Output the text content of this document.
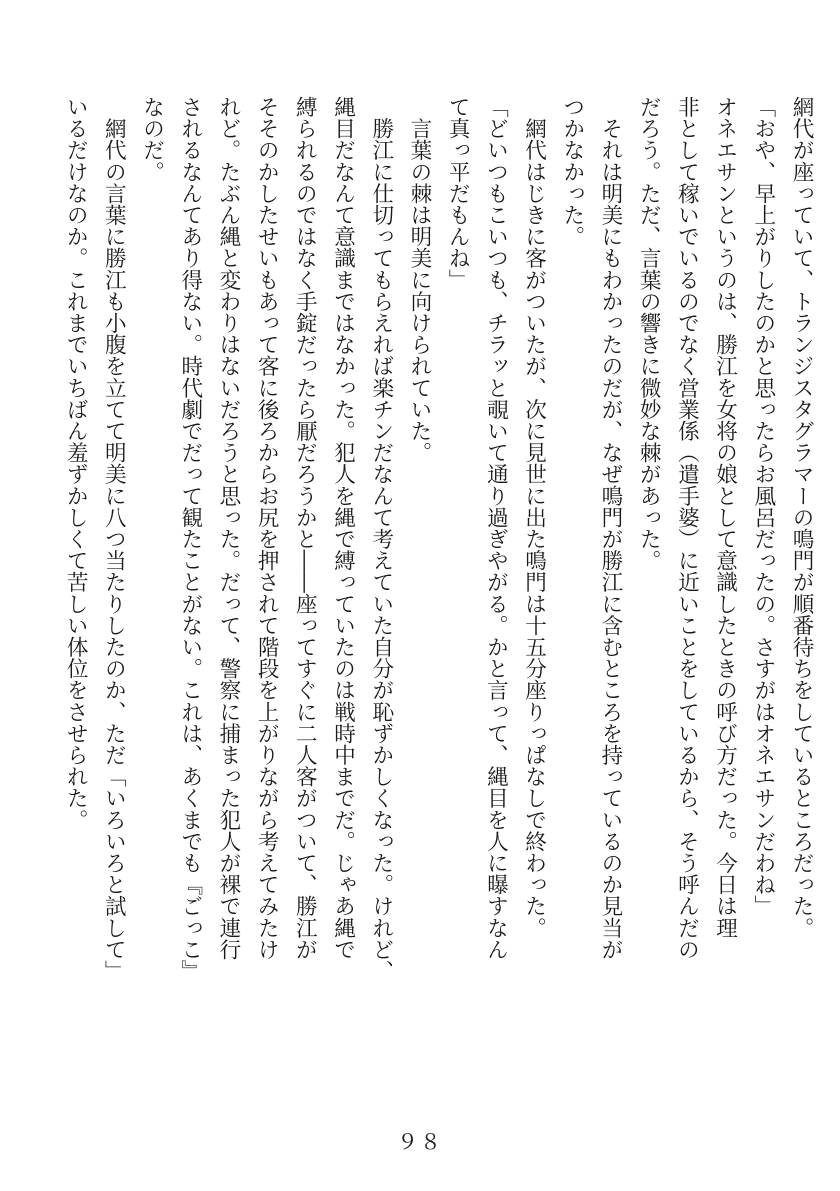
網代が座っていて、トランジスタグラマーの鳴門が順番待ちをしているところだった。
「おや、早上がりしたのかと思ったらお風呂だったの。さすがはオネエサンだわね」
オネエサンというのは、勝江を女将の娘として意識したときの呼び方だった。今日は理
非として稼いでいるのでなく営業係（遣手婆）に近いことをしているから、そう呼んだの
だろう。ただ、言葉の響きに微妙な棘があった。
　それは明美にもわかったのだが、なぜ鳴門が勝江に含むところを持っているのか見当が
つかなかった。
　網代はじきに客がついたが、次に見世に出た鳴門は十五分座りっぱなしで終わった。
「どいつもこいつも、チラッと覗いて通り過ぎやがる。かと言って、縄目を人に曝すなん
て真っ平だもんね」
　言葉の棘は明美に向けられていた。
　勝江に仕切ってもらえれば楽チンだなんて考えていた自分が恥ずかしくなった。けれど、
縄目だなんて意識まではなかった。犯人を縄で縛っていたのは戦時中までだ。じゃあ縄で
縛られるのではなく手錠だったら厭だろうかと――座ってすぐに二人客がついて、勝江が
そそのかしたせいもあって客に後ろからお尻を押されて階段を上がりながら考えてみたけ
れど。たぶん縄と変わりはないだろうと思った。だって、警察に捕まった犯人が裸で連行
されるなんてあり得ない。時代劇でだって観たことがない。これは、あくまでも『ごっこ』
なのだ。
　網代の言葉に勝江も小腹を立てて明美に八つ当たりしたのか、ただ「いろいろと試して」
いるだけなのか。これまでいちばん羞ずかしくて苦しい体位をさせられた。
９８
